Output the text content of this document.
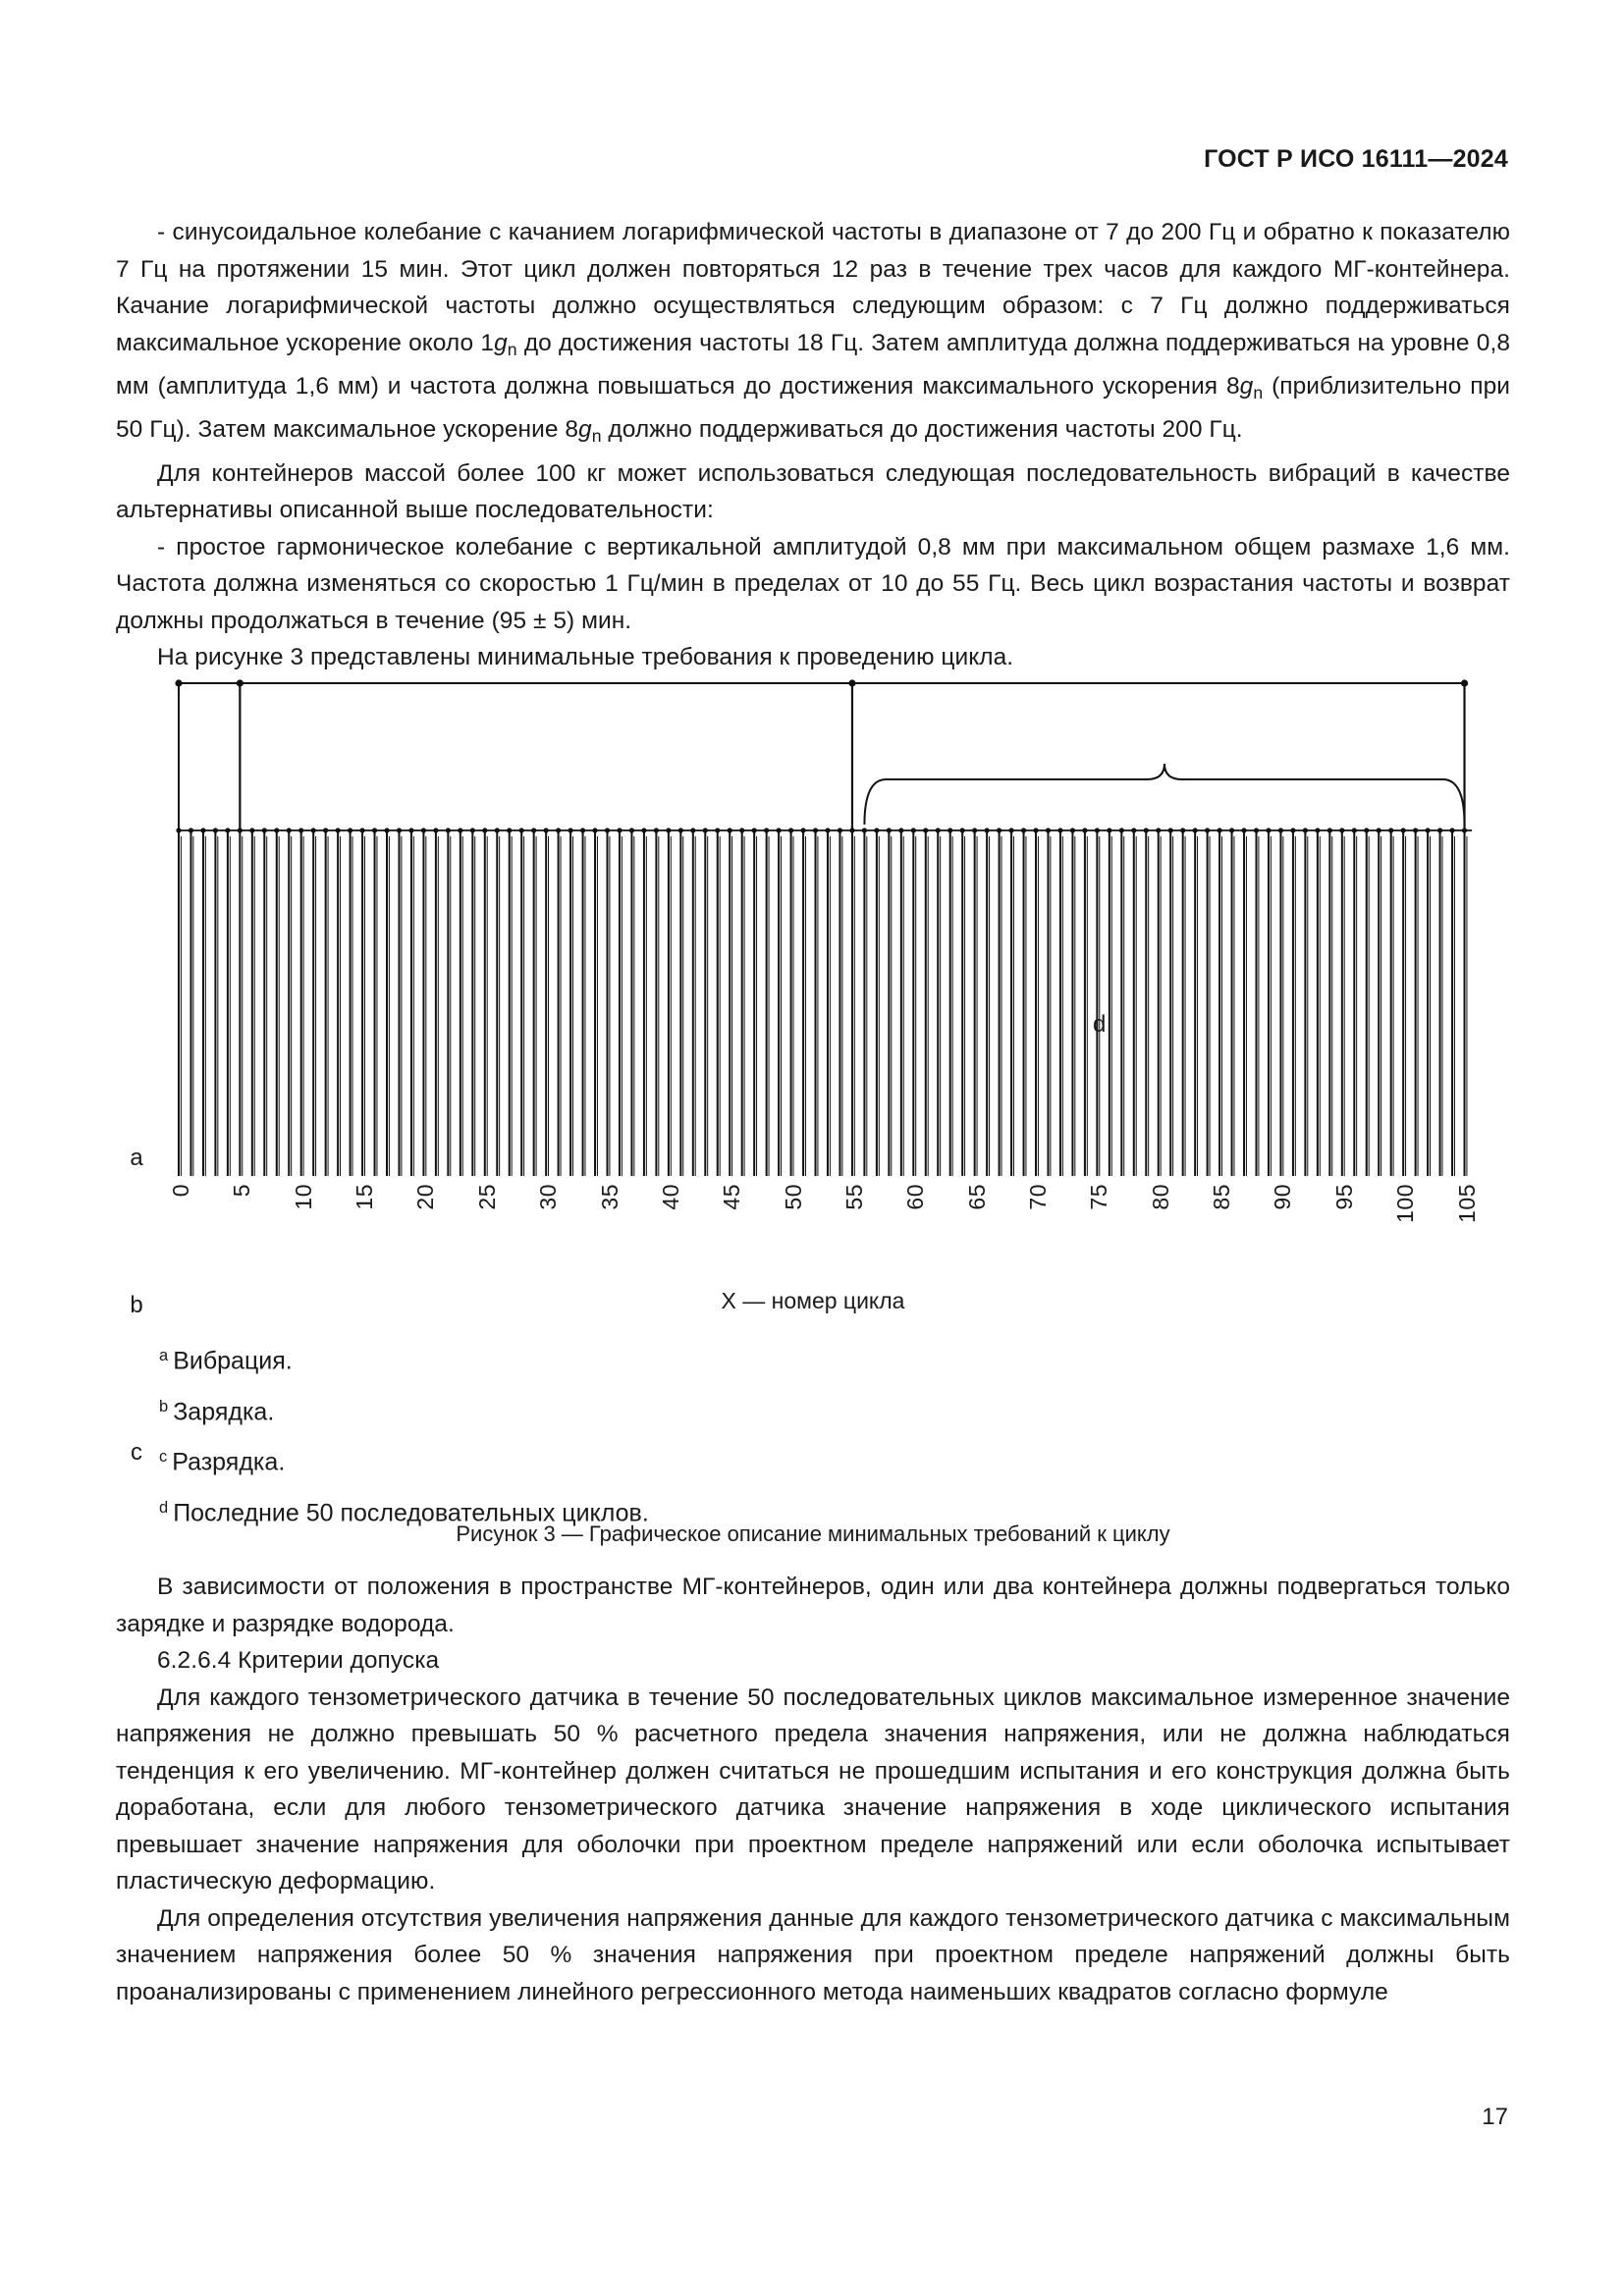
ГОСТ Р ИСО 16111—2024

- синусоидальное колебание с качанием логарифмической частоты в диапазоне от 7 до 200 Гц и обратно к показателю 7 Гц на протяжении 15 мин. Этот цикл должен повторяться 12 раз в течение трех часов для каждого МГ-контейнера. Качание логарифмической частоты должно осуществляться следующим образом: с 7 Гц должно поддерживаться максимальное ускорение около $1g_n$ до достижения частоты 18 Гц. Затем амплитуда должна поддерживаться на уровне 0,8 мм (амплитуда 1,6 мм) и частота должна повышаться до достижения максимального ускорения $8g_n$ (приблизительно при 50 Гц). Затем максимальное ускорение $8g_n$ должно поддерживаться до достижения частоты 200 Гц.

Для контейнеров массой более 100 кг может использоваться следующая последовательность вибраций в качестве альтернативы описанной выше последовательности:

- простое гармоническое колебание с вертикальной амплитудой 0,8 мм при максимальном общем размахе 1,6 мм. Частота должна изменяться со скоростью 1 Гц/мин в пределах от 10 до 55 Гц. Весь цикл возрастания частоты и возврат должны продолжаться в течение (95 ± 5) мин.

На рисунке 3 представлены минимальные требования к проведению цикла.

a
b
c
d
0 5 10 15 20 25 30 35 40 45 50 55 60 65 70 75 80 85 90 95 100 105
X — номер цикла
$^a$ Вибрация.
$^b$ Зарядка.
$^c$ Разрядка.
$^d$ Последние 50 последовательных циклов.
Рисунок 3 — Графическое описание минимальных требований к циклу

В зависимости от положения в пространстве МГ-контейнеров, один или два контейнера должны подвергаться только зарядке и разрядке водорода.

6.2.6.4 Критерии допуска

Для каждого тензометрического датчика в течение 50 последовательных циклов максимальное измеренное значение напряжения не должно превышать 50 % расчетного предела значения напряжения, или не должна наблюдаться тенденция к его увеличению. МГ-контейнер должен считаться не прошедшим испытания и его конструкция должна быть доработана, если для любого тензометрического датчика значение напряжения в ходе циклического испытания превышает значение напряжения для оболочки при проектном пределе напряжений или если оболочка испытывает пластическую деформацию.

Для определения отсутствия увеличения напряжения данные для каждого тензометрического датчика с максимальным значением напряжения более 50 % значения напряжения при проектном пределе напряжений должны быть проанализированы с применением линейного регрессионного метода наименьших квадратов согласно формуле

17
